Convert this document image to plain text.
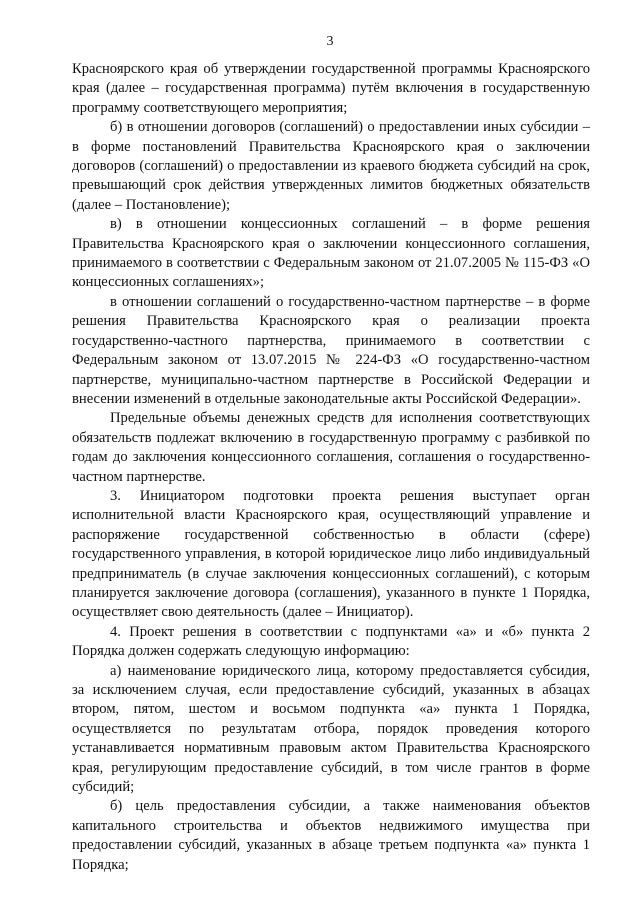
3

Красноярского края об утверждении государственной программы Красноярского края (далее – государственная программа) путём включения в государственную программу соответствующего мероприятия;

б) в отношении договоров (соглашений) о предоставлении иных субсидии – в форме постановлений Правительства Красноярского края о заключении договоров (соглашений) о предоставлении из краевого бюджета субсидий на срок, превышающий срок действия утвержденных лимитов бюджетных обязательств (далее – Постановление);

в) в отношении концессионных соглашений – в форме решения Правительства Красноярского края о заключении концессионного соглашения, принимаемого в соответствии с Федеральным законом от 21.07.2005 № 115-ФЗ «О концессионных соглашениях»;

в отношении соглашений о государственно-частном партнерстве – в форме решения Правительства Красноярского края о реализации проекта государственно-частного партнерства, принимаемого в соответствии с Федеральным законом от 13.07.2015 № 224-ФЗ «О государственно-частном партнерстве, муниципально-частном партнерстве в Российской Федерации и внесении изменений в отдельные законодательные акты Российской Федерации».

Предельные объемы денежных средств для исполнения соответствующих обязательств подлежат включению в государственную программу с разбивкой по годам до заключения концессионного соглашения, соглашения о государственно-частном партнерстве.

3. Инициатором подготовки проекта решения выступает орган исполнительной власти Красноярского края, осуществляющий управление и распоряжение государственной собственностью в области (сфере) государственного управления, в которой юридическое лицо либо индивидуальный предприниматель (в случае заключения концессионных соглашений), с которым планируется заключение договора (соглашения), указанного в пункте 1 Порядка, осуществляет свою деятельность (далее – Инициатор).

4. Проект решения в соответствии с подпунктами «а» и «б» пункта 2 Порядка должен содержать следующую информацию:

а) наименование юридического лица, которому предоставляется субсидия, за исключением случая, если предоставление субсидий, указанных в абзацах втором, пятом, шестом и восьмом подпункта «а» пункта 1 Порядка, осуществляется по результатам отбора, порядок проведения которого устанавливается нормативным правовым актом Правительства Красноярского края, регулирующим предоставление субсидий, в том числе грантов в форме субсидий;

б) цель предоставления субсидии, а также наименования объектов капитального строительства и объектов недвижимого имущества при предоставлении субсидий, указанных в абзаце третьем подпункта «а» пункта 1 Порядка;
